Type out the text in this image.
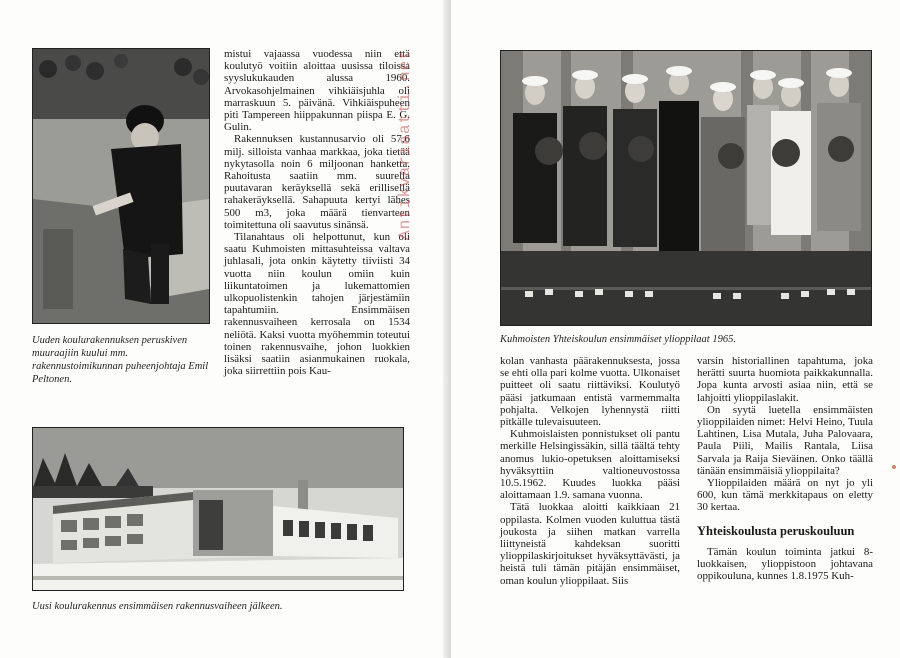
Uuden koulurakennuksen peruskiven muuraajiin kuului mm. rakennustoimikunnan puheenjohtaja Emil Peltonen.

mistui vajaassa vuodessa niin että koulutyö voitiin aloittaa uusissa tiloissa syyslukukauden alussa 1960. Arvokasohjelmainen vihkiäisjuhla oli marraskuun 5. päivänä. Vihkiäispuheen piti Tampereen hiippakunnan piispa E. G. Gulin.

Rakennuksen kustannusarvio oli 57,6 milj. silloista vanhaa markkaa, joka tietää nykytasolla noin 6 miljoonan hanketta. Rahoitusta saatiin mm. suurella puutavaran keräyksellä sekä erillisellä rahakeräyksellä. Sahapuuta kertyi lähes 500 m3, joka määrä tienvarteen toimitettuna oli saavutus sinänsä.

Tilanahtaus oli helpottunut, kun oli saatu Kuhmoisten mittasuhteissa valtava juhlasali, jota onkin käytetty tiiviisti 34 vuotta niin koulun omiin kuin liikuntatoimen ja lukemattomien ulkopuolistenkin tahojen järjestämiin tapahtumiin. Ensimmäisen rakennusvaiheen kerrosala on 1534 neliötä. Kaksi vuotta myöhemmin toteutui toinen rakennusvaihe, johon luokkien lisäksi saatiin asianmukainen ruokala, joka siirrettiin pois Kau-

Uusi koulurakennus ensimmäisen rakennusvaiheen jälkeen.
Antikvariaatti.net
Kuhmoisten Yhteiskoulun ensimmäiset ylioppilaat 1965.

kolan vanhasta päärakennuksesta, jossa se ehti olla pari kolme vuotta. Ulkonaiset puitteet oli saatu riittäviksi. Koulutyö pääsi jatkumaan entistä varmemmalta pohjalta. Velkojen lyhennystä riitti pitkälle tulevaisuuteen.

Kuhmoislaisten ponnistukset oli pantu merkille Helsingissäkin, sillä täältä tehty anomus lukio-opetuksen aloittamiseksi hyväksyttiin valtioneuvostossa 10.5.1962. Kuudes luokka pääsi aloittamaan 1.9. samana vuonna.

Tätä luokkaa aloitti kaikkiaan 21 oppilasta. Kolmen vuoden kuluttua tästä joukosta ja siihen matkan varrella liittyneistä kahdeksan suoritti ylioppilaskirjoitukset hyväksyttävästi, ja heistä tuli tämän pitäjän ensimmäiset, oman koulun ylioppilaat. Siis

varsin historiallinen tapahtuma, joka herätti suurta huomiota paikkakunnalla. Jopa kunta arvosti asiaa niin, että se lahjoitti ylioppilaslakit.

On syytä luetella ensimmäisten ylioppilaiden nimet: Helvi Heino, Tuula Lahtinen, Lisa Mutala, Juha Palovaara, Paula Piili, Mailis Rantala, Liisa Sarvala ja Raija Sieväinen. Onko täällä tänään ensimmäisiä ylioppilaita?

Ylioppilaiden määrä on nyt jo yli 600, kun tämä merkkitapaus on eletty 30 kertaa.

Yhteiskoulusta peruskouluun

Tämän koulun toiminta jatkui 8-luokkaisen, ylioppistoon johtavana oppikouluna, kunnes 1.8.1975 Kuh-
